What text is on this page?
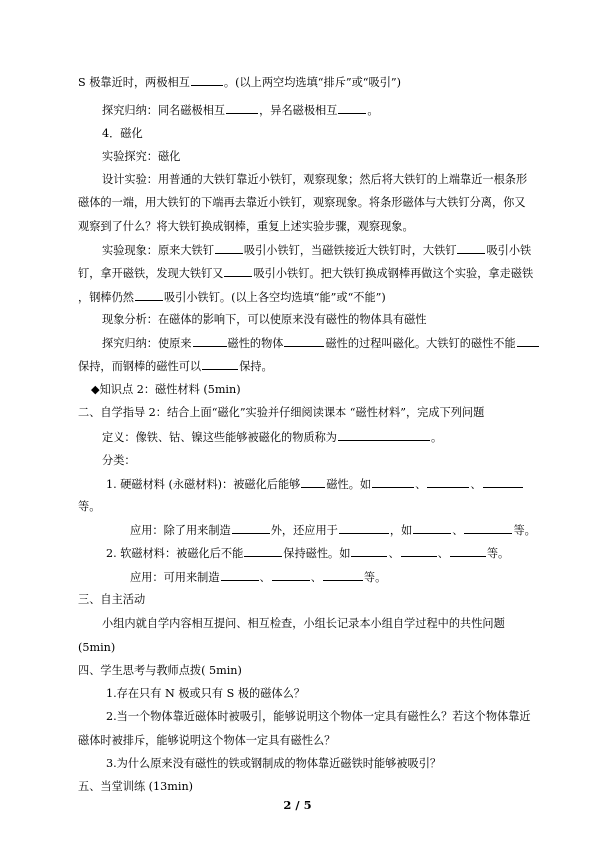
S 极靠近时，两极相互	。(以上两空均选填“排斥”或“吸引”)
探究归纳：同名磁极相互	，异名磁极相互	。
4．磁化
实验探究：磁化
设计实验：用普通的大铁钉靠近小铁钉，观察现象；然后将大铁钉的上端靠近一根条形
磁体的一端，用大铁钉的下端再去靠近小铁钉，观察现象。将条形磁体与大铁钉分离，你又
观察到了什么？将大铁钉换成钢棒，重复上述实验步骤，观察现象。
实验现象：原来大铁钉	吸引小铁钉，当磁铁接近大铁钉时，大铁钉	吸引小铁
钉，拿开磁铁，发现大铁钉又	吸引小铁钉。把大铁钉换成钢棒再做这个实验，拿走磁铁
，钢棒仍然	吸引小铁钉。(以上各空均选填“能”或“不能”)
现象分析：在磁体的影响下，可以使原来没有磁性的物体具有磁性
探究归纳：使原来	磁性的物体	磁性的过程叫磁化。大铁钉的磁性不能
保持，而钢棒的磁性可以	保持。
◆知识点 2：磁性材料 (5min)
二、自学指导 2：结合上面“磁化”实验并仔细阅读课本 “磁性材料”，完成下列问题
定义：像铁、钴、镍这些能够被磁化的物质称为	。
分类：
1. 硬磁材料 (永磁材料)：被磁化后能够 磁性。如	、	、
等。
应用：除了用来制造	外，还应用于	，如	、	等。
2. 软磁材料：被磁化后不能	保持磁性。如	、	、	等。
应用：可用来制造	、	、	等。
三、自主活动
小组内就自学内容相互提问、相互检查，小组长记录本小组自学过程中的共性问题
(5min)
四、学生思考与教师点拨( 5min)
1.存在只有 N 极或只有 S 极的磁体么？
2.当一个物体靠近磁体时被吸引，能够说明这个物体一定具有磁性么？若这个物体靠近
磁体时被排斥，能够说明这个物体一定具有磁性么？
3.为什么原来没有磁性的铁或钢制成的物体靠近磁铁时能够被吸引？
五、当堂训练 (13min)
2 / 5
